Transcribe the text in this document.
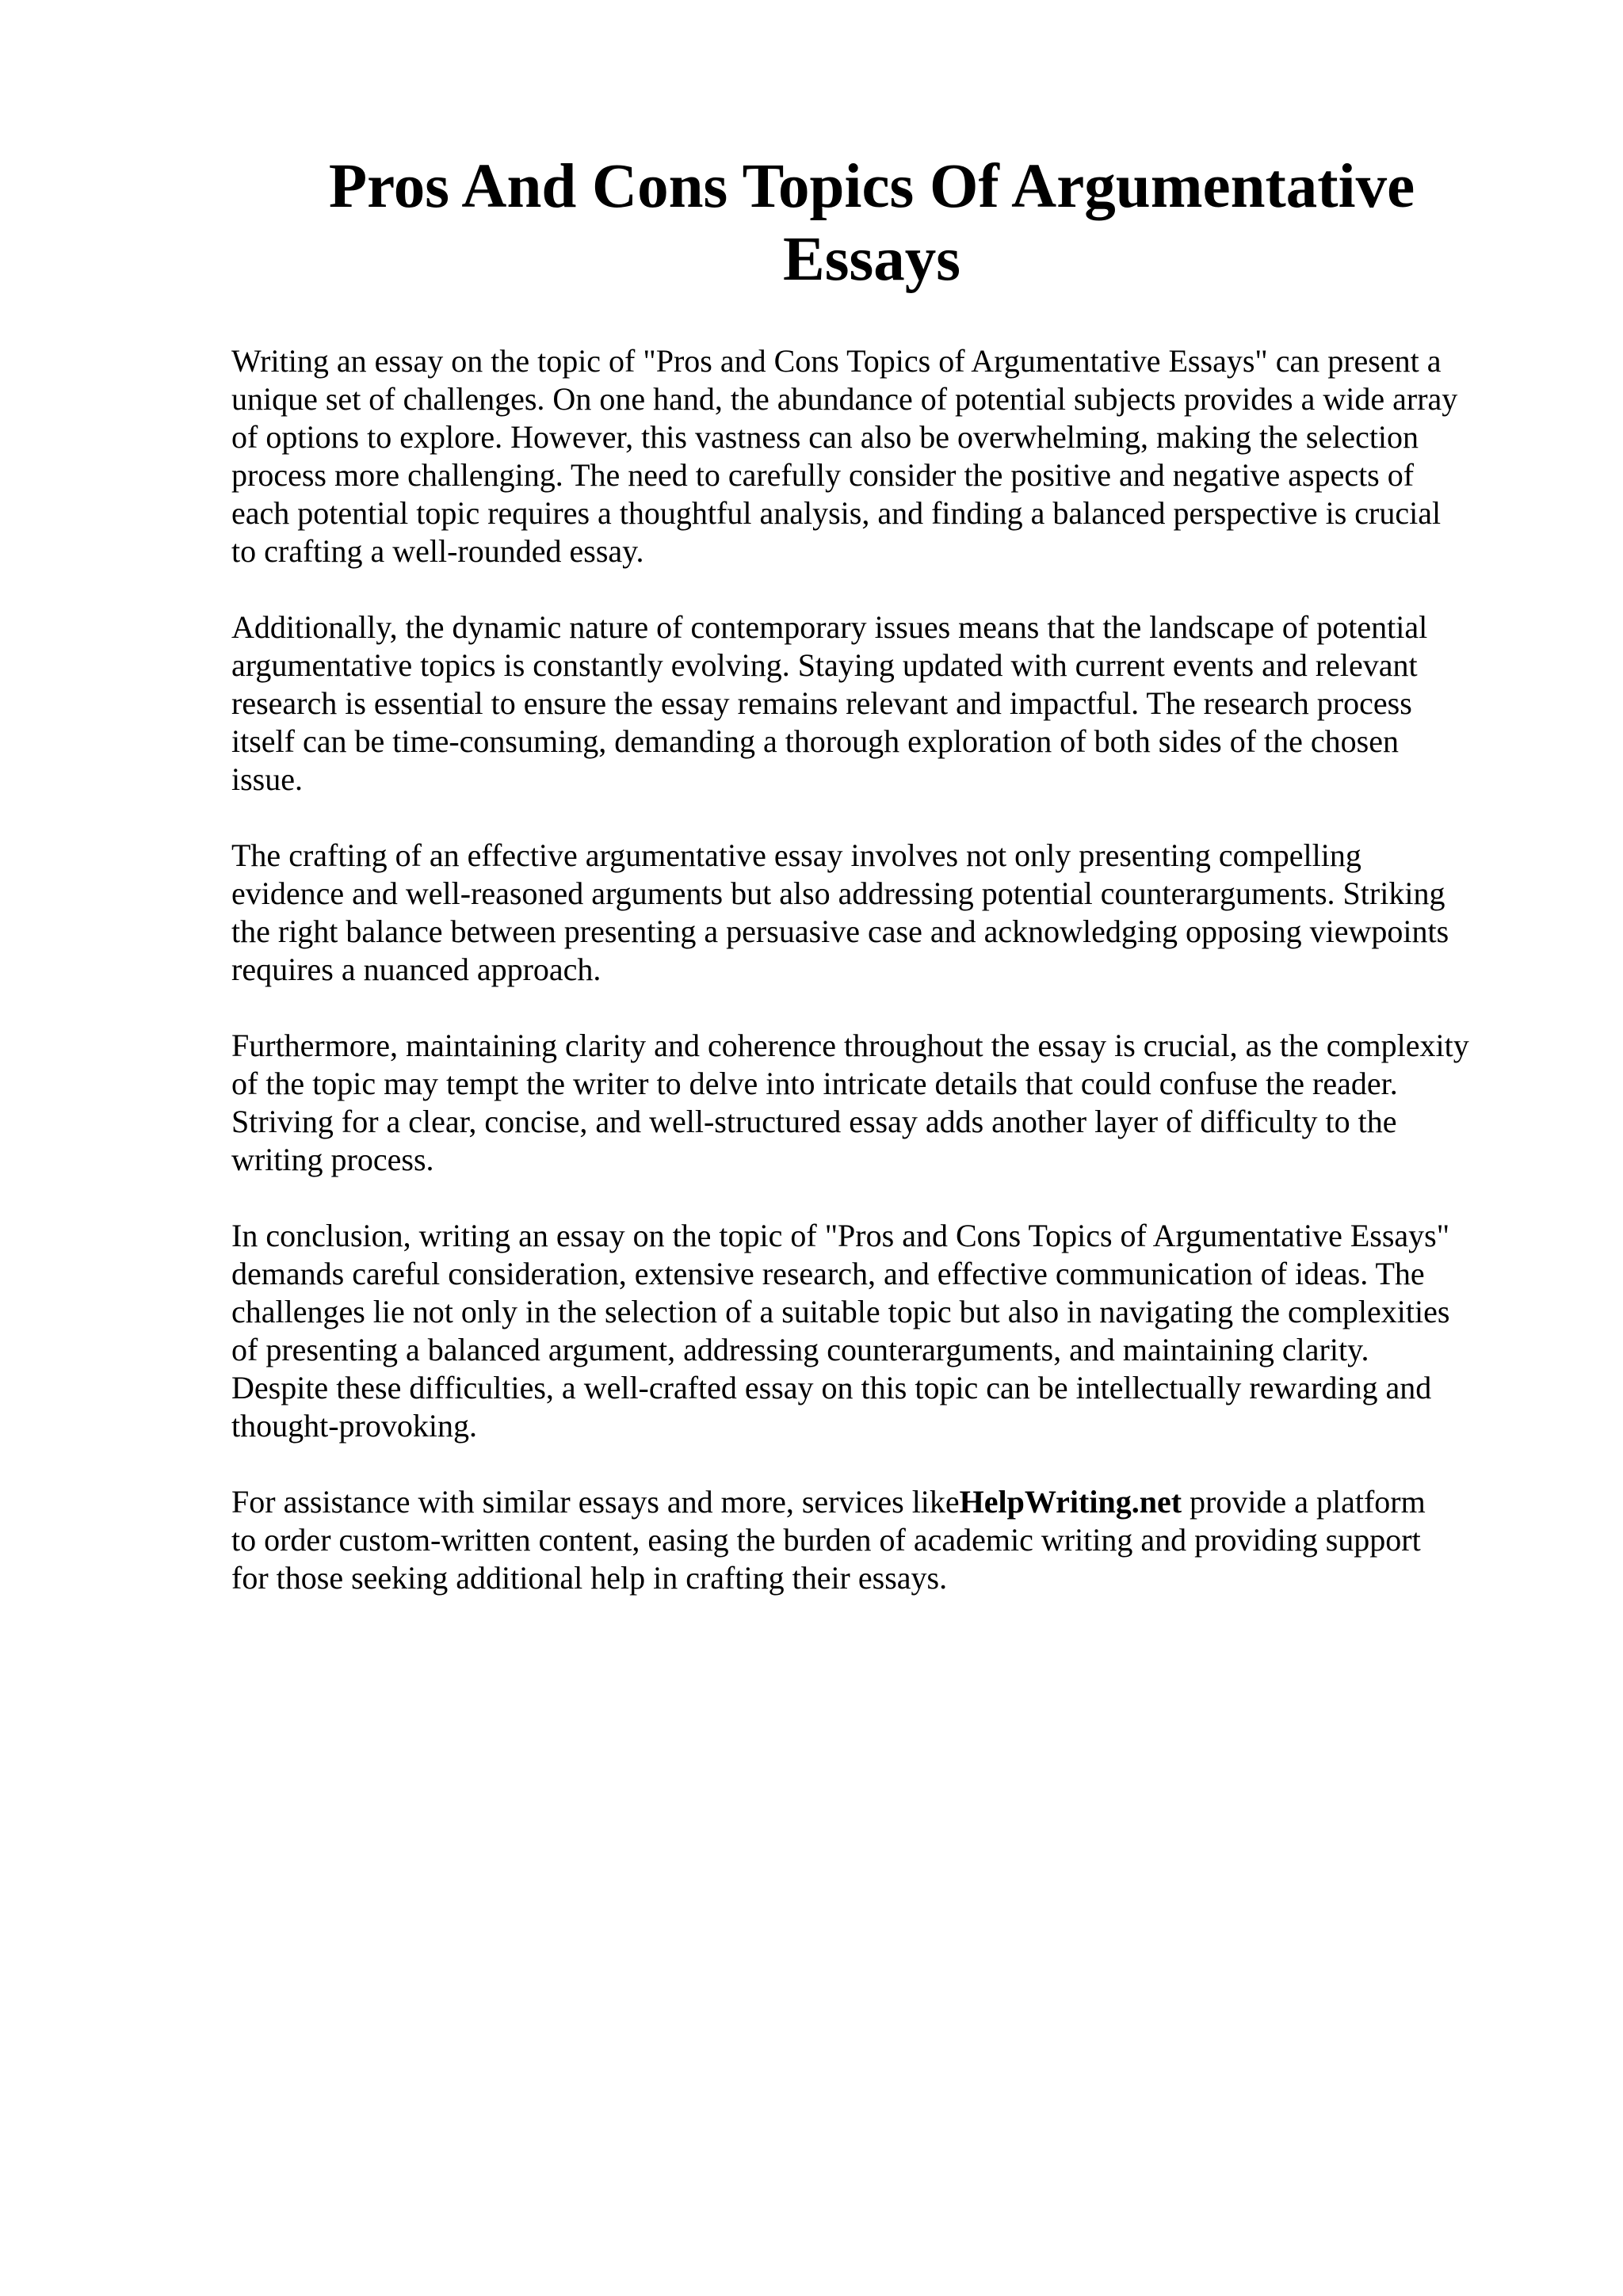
Pros And Cons Topics Of Argumentative
Essays

Writing an essay on the topic of "Pros and Cons Topics of Argumentative Essays" can present a
unique set of challenges. On one hand, the abundance of potential subjects provides a wide array
of options to explore. However, this vastness can also be overwhelming, making the selection
process more challenging. The need to carefully consider the positive and negative aspects of
each potential topic requires a thoughtful analysis, and finding a balanced perspective is crucial
to crafting a well-rounded essay.

Additionally, the dynamic nature of contemporary issues means that the landscape of potential
argumentative topics is constantly evolving. Staying updated with current events and relevant
research is essential to ensure the essay remains relevant and impactful. The research process
itself can be time-consuming, demanding a thorough exploration of both sides of the chosen
issue.

The crafting of an effective argumentative essay involves not only presenting compelling
evidence and well-reasoned arguments but also addressing potential counterarguments. Striking
the right balance between presenting a persuasive case and acknowledging opposing viewpoints
requires a nuanced approach.

Furthermore, maintaining clarity and coherence throughout the essay is crucial, as the complexity
of the topic may tempt the writer to delve into intricate details that could confuse the reader.
Striving for a clear, concise, and well-structured essay adds another layer of difficulty to the
writing process.

In conclusion, writing an essay on the topic of "Pros and Cons Topics of Argumentative Essays"
demands careful consideration, extensive research, and effective communication of ideas. The
challenges lie not only in the selection of a suitable topic but also in navigating the complexities
of presenting a balanced argument, addressing counterarguments, and maintaining clarity.
Despite these difficulties, a well-crafted essay on this topic can be intellectually rewarding and
thought-provoking.

For assistance with similar essays and more, services likeHelpWriting.net provide a platform
to order custom-written content, easing the burden of academic writing and providing support
for those seeking additional help in crafting their essays.
